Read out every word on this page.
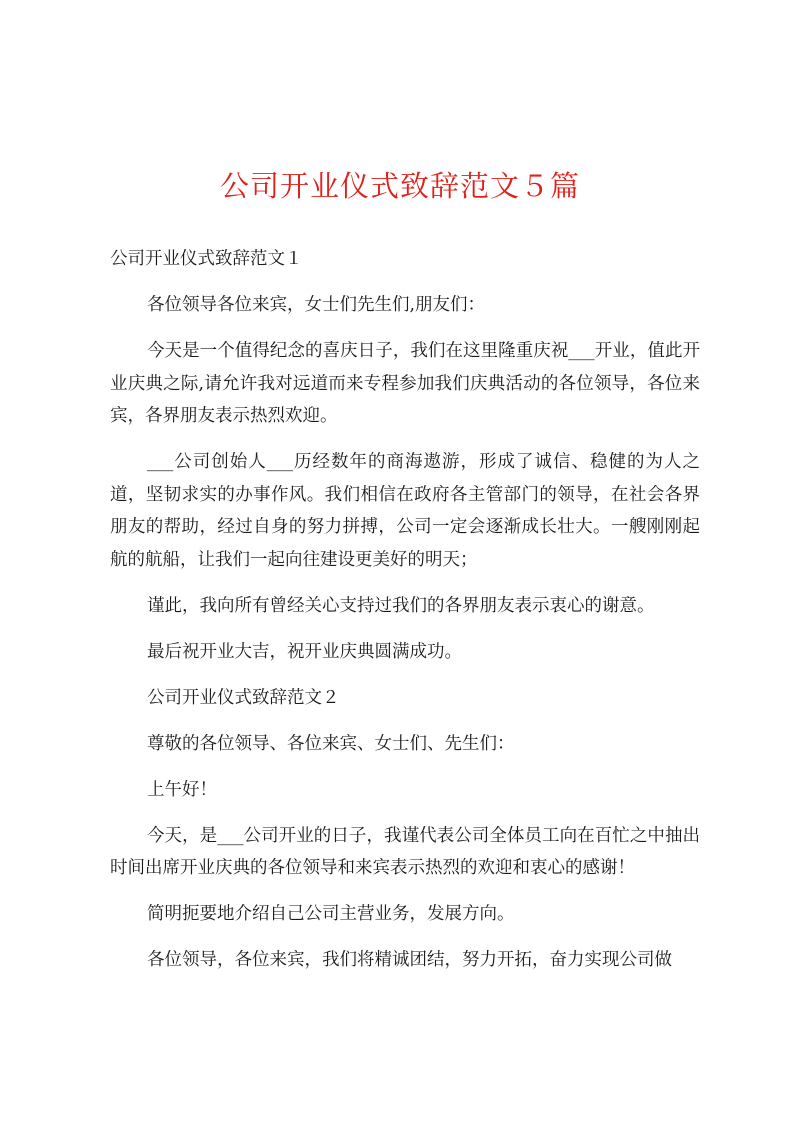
公司开业仪式致辞范文５篇

公司开业仪式致辞范文１

各位领导各位来宾，女士们先生们,朋友们：

今天是一个值得纪念的喜庆日子，我们在这里隆重庆祝___开业，值此开业庆典之际,请允许我对远道而来专程参加我们庆典活动的各位领导，各位来宾，各界朋友表示热烈欢迎。

___公司创始人___历经数年的商海遨游，形成了诚信、稳健的为人之道，坚韧求实的办事作风。我们相信在政府各主管部门的领导，在社会各界朋友的帮助，经过自身的努力拼搏，公司一定会逐渐成长壮大。一艘刚刚起航的航船，让我们一起向往建设更美好的明天；

谨此，我向所有曾经关心支持过我们的各界朋友表示衷心的谢意。

最后祝开业大吉，祝开业庆典圆满成功。

公司开业仪式致辞范文２

尊敬的各位领导、各位来宾、女士们、先生们：

上午好！

今天，是___公司开业的日子，我谨代表公司全体员工向在百忙之中抽出时间出席开业庆典的各位领导和来宾表示热烈的欢迎和衷心的感谢！

简明扼要地介绍自己公司主营业务，发展方向。

各位领导，各位来宾，我们将精诚团结，努力开拓，奋力实现公司做
